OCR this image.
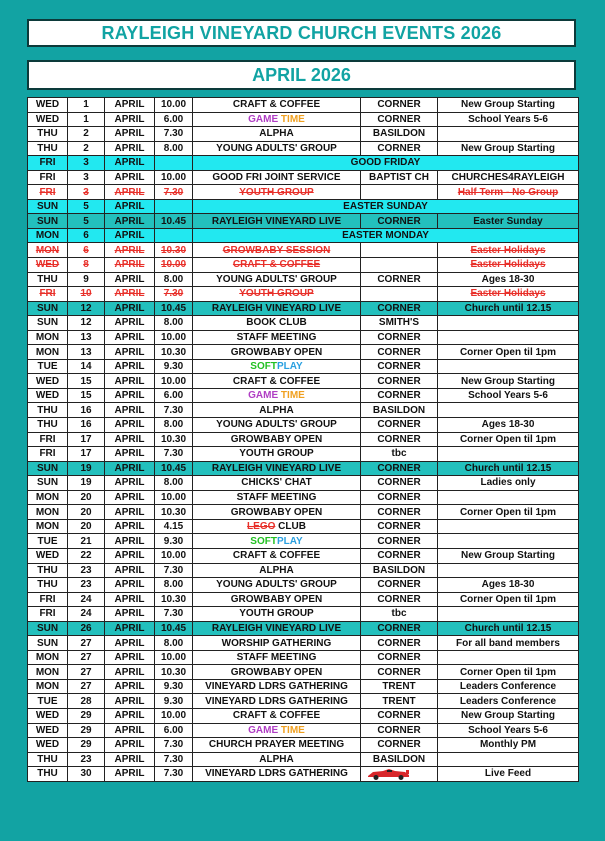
RAYLEIGH VINEYARD CHURCH EVENTS 2026
APRIL 2026
WED	1	APRIL	10.00	CRAFT & COFFEE	CORNER	New Group Starting
WED	1	APRIL	6.00	GAME TIME	CORNER	School Years 5-6
THU	2	APRIL	7.30	ALPHA	BASILDON	
THU	2	APRIL	8.00	YOUNG ADULTS' GROUP	CORNER	New Group Starting
FRI	3	APRIL		GOOD FRIDAY		
FRI	3	APRIL	10.00	GOOD FRI JOINT SERVICE	BAPTIST CH	CHURCHES4RAYLEIGH
FRI	3	APRIL	7.30	YOUTH GROUP		Half Term - No Group
SUN	5	APRIL		EASTER SUNDAY		
SUN	5	APRIL	10.45	RAYLEIGH VINEYARD LIVE	CORNER	Easter Sunday
MON	6	APRIL		EASTER MONDAY		
MON	6	APRIL	10.30	GROWBABY SESSION		Easter Holidays
WED	8	APRIL	10.00	CRAFT & COFFEE		Easter Holidays
THU	9	APRIL	8.00	YOUNG ADULTS' GROUP	CORNER	Ages 18-30
FRI	10	APRIL	7.30	YOUTH GROUP		Easter Holidays
SUN	12	APRIL	10.45	RAYLEIGH VINEYARD LIVE	CORNER	Church until 12.15
SUN	12	APRIL	8.00	BOOK CLUB	SMITH'S	
MON	13	APRIL	10.00	STAFF MEETING	CORNER	
MON	13	APRIL	10.30	GROWBABY OPEN	CORNER	Corner Open til 1pm
TUE	14	APRIL	9.30	SOFTPLAY	CORNER	
WED	15	APRIL	10.00	CRAFT & COFFEE	CORNER	New Group Starting
WED	15	APRIL	6.00	GAME TIME	CORNER	School Years 5-6
THU	16	APRIL	7.30	ALPHA	BASILDON	
THU	16	APRIL	8.00	YOUNG ADULTS' GROUP	CORNER	Ages 18-30
FRI	17	APRIL	10.30	GROWBABY OPEN	CORNER	Corner Open til 1pm
FRI	17	APRIL	7.30	YOUTH GROUP	tbc	
SUN	19	APRIL	10.45	RAYLEIGH VINEYARD LIVE	CORNER	Church until 12.15
SUN	19	APRIL	8.00	CHICKS' CHAT	CORNER	Ladies only
MON	20	APRIL	10.00	STAFF MEETING	CORNER	
MON	20	APRIL	10.30	GROWBABY OPEN	CORNER	Corner Open til 1pm
MON	20	APRIL	4.15	LEGO CLUB	CORNER	
TUE	21	APRIL	9.30	SOFTPLAY	CORNER	
WED	22	APRIL	10.00	CRAFT & COFFEE	CORNER	New Group Starting
THU	23	APRIL	7.30	ALPHA	BASILDON	
THU	23	APRIL	8.00	YOUNG ADULTS' GROUP	CORNER	Ages 18-30
FRI	24	APRIL	10.30	GROWBABY OPEN	CORNER	Corner Open til 1pm
FRI	24	APRIL	7.30	YOUTH GROUP	tbc	
SUN	26	APRIL	10.45	RAYLEIGH VINEYARD LIVE	CORNER	Church until 12.15
SUN	27	APRIL	8.00	WORSHIP GATHERING	CORNER	For all band members
MON	27	APRIL	10.00	STAFF MEETING	CORNER	
MON	27	APRIL	10.30	GROWBABY OPEN	CORNER	Corner Open til 1pm
MON	27	APRIL	9.30	VINEYARD LDRS GATHERING	TRENT	Leaders Conference
TUE	28	APRIL	9.30	VINEYARD LDRS GATHERING	TRENT	Leaders Conference
WED	29	APRIL	10.00	CRAFT & COFFEE	CORNER	New Group Starting
WED	29	APRIL	6.00	GAME TIME	CORNER	School Years 5-6
WED	29	APRIL	7.30	CHURCH PRAYER MEETING	CORNER	Monthly PM
THU	23	APRIL	7.30	ALPHA	BASILDON	
THU	30	APRIL	7.30	VINEYARD LDRS GATHERING		Live Feed
